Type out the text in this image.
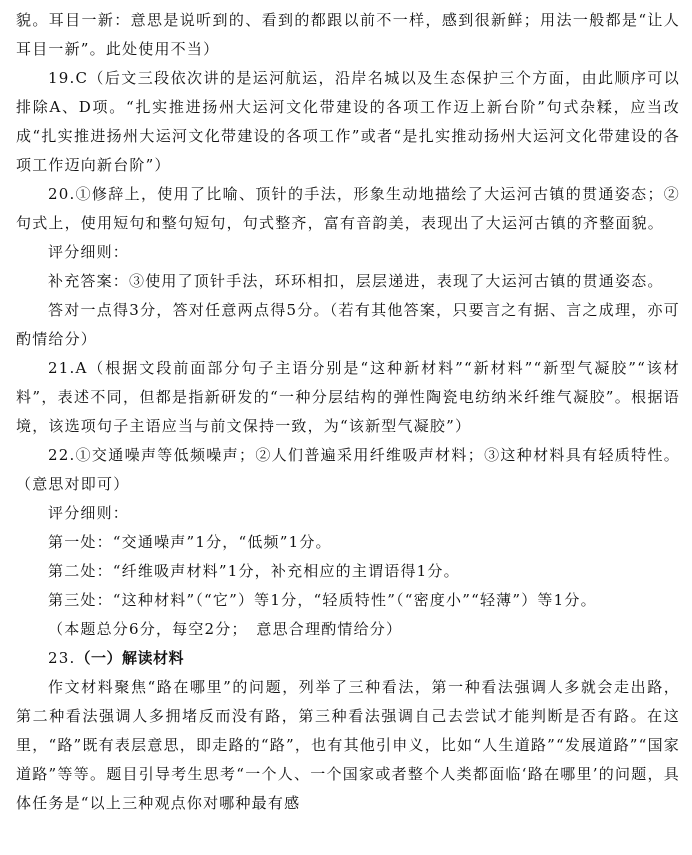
貌。耳目一新：意思是说听到的、看到的都跟以前不一样，感到很新鲜；用法一般都是“让人耳目一新”。此处使用不当）

19.C（后文三段依次讲的是运河航运，沿岸名城以及生态保护三个方面，由此顺序可以排除A、D项。“扎实推进扬州大运河文化带建设的各项工作迈上新台阶”句式杂糅，应当改成“扎实推进扬州大运河文化带建设的各项工作”或者“是扎实推动扬州大运河文化带建设的各项工作迈向新台阶”）

20.①修辞上，使用了比喻、顶针的手法，形象生动地描绘了大运河古镇的贯通姿态；②句式上，使用短句和整句短句，句式整齐，富有音韵美，表现出了大运河古镇的齐整面貌。

评分细则：

补充答案：③使用了顶针手法，环环相扣，层层递进，表现了大运河古镇的贯通姿态。

答对一点得3分，答对任意两点得5分。（若有其他答案，只要言之有据、言之成理，亦可酌情给分）

21.A（根据文段前面部分句子主语分别是“这种新材料”“新材料”“新型气凝胶”“该材料”，表述不同，但都是指新研发的“一种分层结构的弹性陶瓷电纺纳米纤维气凝胶”。根据语境，该选项句子主语应当与前文保持一致，为“该新型气凝胶”）

22.①交通噪声等低频噪声；②人们普遍采用纤维吸声材料；③这种材料具有轻质特性。（意思对即可）

评分细则：

第一处：“交通噪声”1分，“低频”1分。

第二处：“纤维吸声材料”1分，补充相应的主谓语得1分。

第三处：“这种材料”（“它”）等1分，“轻质特性”（“密度小”“轻薄”）等1分。

（本题总分6分，每空2分；　意思合理酌情给分）

23.（一）解读材料

作文材料聚焦“路在哪里”的问题，列举了三种看法，第一种看法强调人多就会走出路，第二种看法强调人多拥堵反而没有路，第三种看法强调自己去尝试才能判断是否有路。在这里，“路”既有表层意思，即走路的“路”，也有其他引申义，比如“人生道路”“发展道路”“国家道路”等等。题目引导考生思考“一个人、一个国家或者整个人类都面临‘路在哪里’的问题，具体任务是“以上三种观点你对哪种最有感
